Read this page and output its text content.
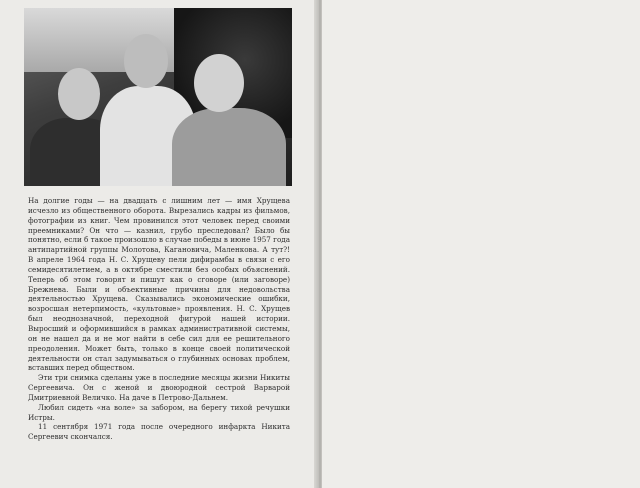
На долгие годы — на двадцать с лишним лет — имя Хрущева исчезло из общественного оборота. Вырезались кадры из фильмов, фотографии из книг. Чем провинился этот человек перед своими преемниками? Он что — казнил, грубо преследовал? Было бы понятно, если б такое произошло в случае победы в июне 1957 года антипартийной группы Молотова, Кагановича, Маленкова. А тут?! В апреле 1964 года Н. С. Хрущеву пели дифирамбы в связи с его семидесятилетием, а в октябре сместили без особых объяснений. Теперь об этом говорят и пишут как о сговоре (или заговоре) Брежнева. Были и объективные причины для недовольства деятельностью Хрущева. Сказывались экономические ошибки, возросшая нетерпимость, «культовые» проявления. Н. С. Хрущев был неоднозначной, переходной фигурой нашей истории. Выросший и оформившийся в рамках административной системы, он не нашел да и не мог найти в себе сил для ее решительного преодоления. Может быть, только в конце своей политической деятельности он стал задумываться о глубинных основах проблем, вставших перед обществом.

Эти три снимка сделаны уже в последние месяцы жизни Никиты Сергеевича. Он с женой и двоюродной сестрой Варварой Дмитриевной Величко. На даче в Петрово-Дальнем.

Любил сидеть «на воле» за забором, на берегу тихой речушки Истры.

11 сентября 1971 года после очередного инфаркта Никита Сергеевич скончался.
